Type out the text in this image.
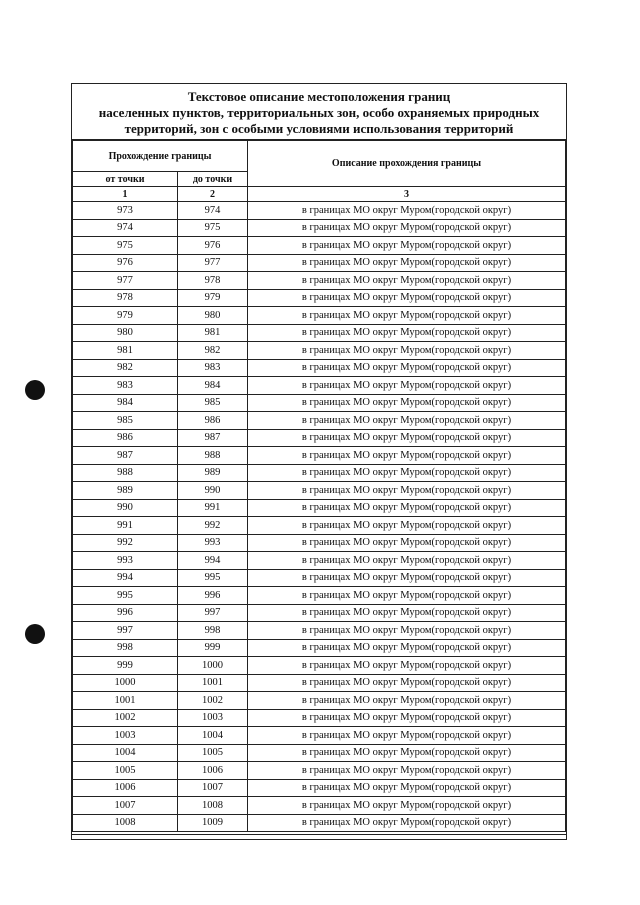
Текстовое описание местоположения границ
населенных пунктов, территориальных зон, особо охраняемых природных
территорий, зон с особыми условиями использования территорий
Прохождение границы		Описание прохождения границы
от точки	до точки	
1	2	3
973	974	в границах МО округ Муром(городской округ)
974	975	в границах МО округ Муром(городской округ)
975	976	в границах МО округ Муром(городской округ)
976	977	в границах МО округ Муром(городской округ)
977	978	в границах МО округ Муром(городской округ)
978	979	в границах МО округ Муром(городской округ)
979	980	в границах МО округ Муром(городской округ)
980	981	в границах МО округ Муром(городской округ)
981	982	в границах МО округ Муром(городской округ)
982	983	в границах МО округ Муром(городской округ)
983	984	в границах МО округ Муром(городской округ)
984	985	в границах МО округ Муром(городской округ)
985	986	в границах МО округ Муром(городской округ)
986	987	в границах МО округ Муром(городской округ)
987	988	в границах МО округ Муром(городской округ)
988	989	в границах МО округ Муром(городской округ)
989	990	в границах МО округ Муром(городской округ)
990	991	в границах МО округ Муром(городской округ)
991	992	в границах МО округ Муром(городской округ)
992	993	в границах МО округ Муром(городской округ)
993	994	в границах МО округ Муром(городской округ)
994	995	в границах МО округ Муром(городской округ)
995	996	в границах МО округ Муром(городской округ)
996	997	в границах МО округ Муром(городской округ)
997	998	в границах МО округ Муром(городской округ)
998	999	в границах МО округ Муром(городской округ)
999	1000	в границах МО округ Муром(городской округ)
1000	1001	в границах МО округ Муром(городской округ)
1001	1002	в границах МО округ Муром(городской округ)
1002	1003	в границах МО округ Муром(городской округ)
1003	1004	в границах МО округ Муром(городской округ)
1004	1005	в границах МО округ Муром(городской округ)
1005	1006	в границах МО округ Муром(городской округ)
1006	1007	в границах МО округ Муром(городской округ)
1007	1008	в границах МО округ Муром(городской округ)
1008	1009	в границах МО округ Муром(городской округ)
